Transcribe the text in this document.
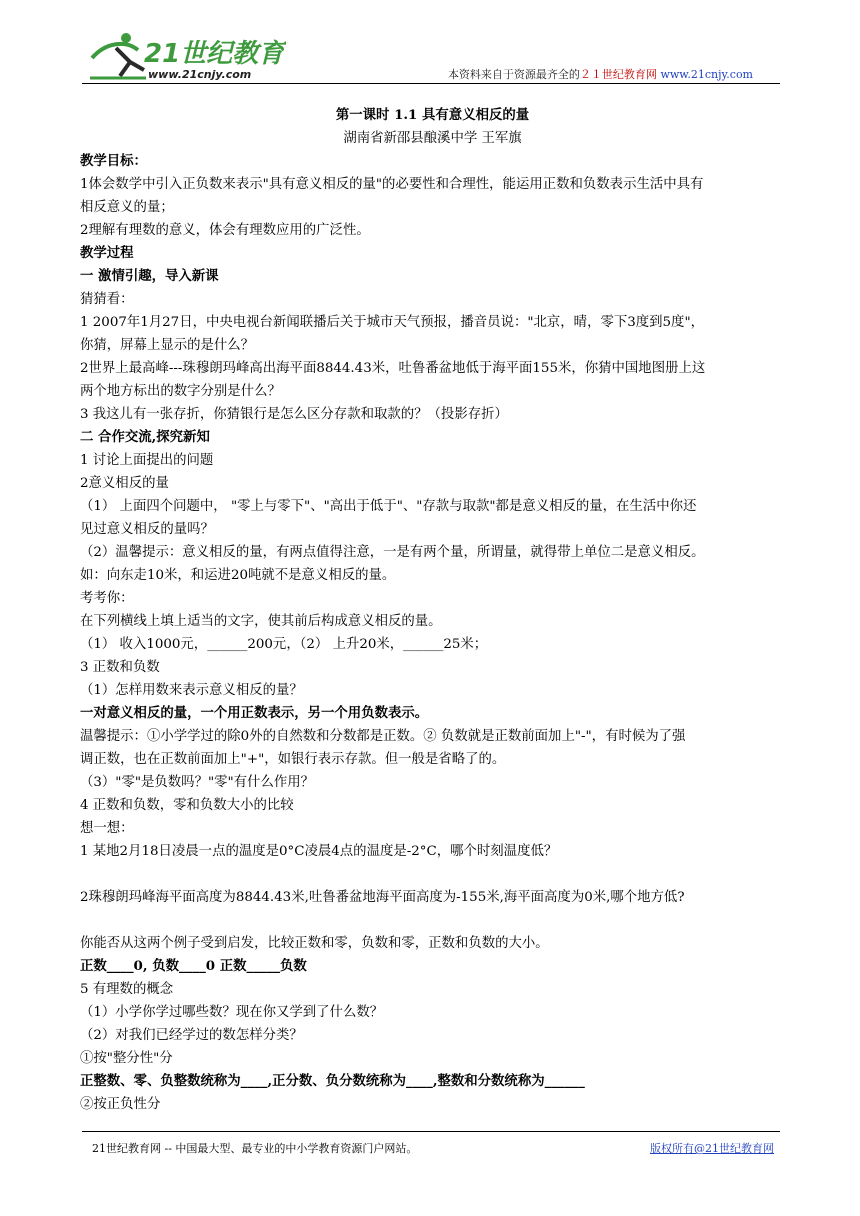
21世纪教育
www.21cnjy.com	本资料来自于资源最齐全的２１世纪教育网 www.21cnjy.com

第一课时 1.1 具有意义相反的量

湖南省新邵县酿溪中学 王军旗

教学目标：

1体会数学中引入正负数来表示"具有意义相反的量"的必要性和合理性，能运用正数和负数表示生活中具有

相反意义的量；

2理解有理数的意义，体会有理数应用的广泛性。

教学过程

一 激情引趣，导入新课

猜猜看：

1 2007年1月27日，中央电视台新闻联播后关于城市天气预报，播音员说："北京，晴，零下3度到5度"，

你猜，屏幕上显示的是什么？

2世界上最高峰---珠穆朗玛峰高出海平面8844.43米，吐鲁番盆地低于海平面155米，你猜中国地图册上这

两个地方标出的数字分别是什么？

3 我这儿有一张存折，你猜银行是怎么区分存款和取款的？（投影存折）

二 合作交流,探究新知

1 讨论上面提出的问题

2意义相反的量

（1） 上面四个问题中， "零上与零下"、"高出于低于"、"存款与取款"都是意义相反的量，在生活中你还

见过意义相反的量吗？

（2）温馨提示：意义相反的量，有两点值得注意，一是有两个量，所谓量，就得带上单位二是意义相反。

如：向东走10米，和运进20吨就不是意义相反的量。

考考你：

在下列横线上填上适当的文字，使其前后构成意义相反的量。

（1） 收入1000元，______200元，（2） 上升20米，______25米；

3 正数和负数

（1）怎样用数来表示意义相反的量？

一对意义相反的量，一个用正数表示，另一个用负数表示。

温馨提示：①小学学过的除0外的自然数和分数都是正数。② 负数就是正数前面加上"-"，有时候为了强

调正数，也在正数前面加上"+"，如银行表示存款。但一般是省略了的。

（3）"零"是负数吗？"零"有什么作用？

4 正数和负数，零和负数大小的比较

想一想：

1 某地2月18日凌晨一点的温度是0°C凌晨4点的温度是-2°C，哪个时刻温度低？

2珠穆朗玛峰海平面高度为8844.43米,吐鲁番盆地海平面高度为-155米,海平面高度为0米,哪个地方低?

你能否从这两个例子受到启发，比较正数和零，负数和零，正数和负数的大小。

正数____0, 负数____0 正数_____负数

5 有理数的概念

（1）小学你学过哪些数？现在你又学到了什么数？

（2）对我们已经学过的数怎样分类？

①按"整分性"分

正整数、零、负整数统称为____,正分数、负分数统称为____,整数和分数统称为______

②按正负性分

21世纪教育网 -- 中国最大型、最专业的中小学教育资源门户网站。	版权所有@21世纪教育网
